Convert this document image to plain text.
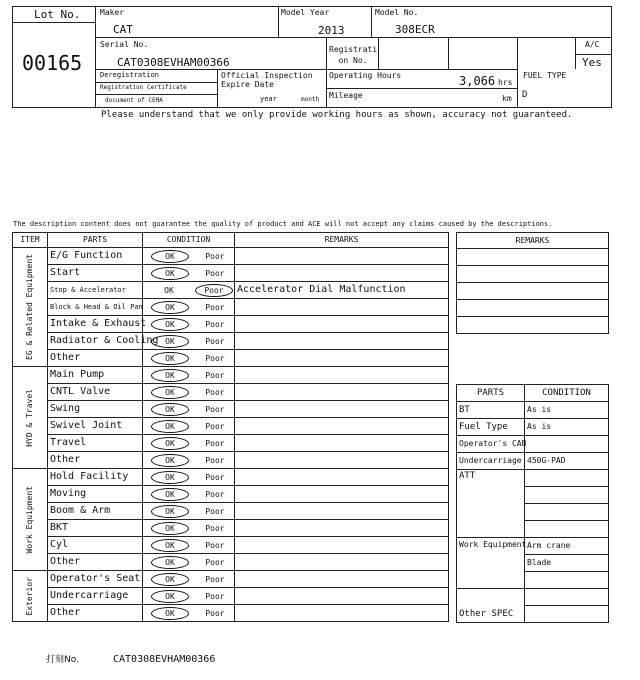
Lot No.
00165
Maker
CAT
Model Year
2013
Model No.
308ECR
Serial No.
CAT0308EVHAM00366
Registrati on No.
A/C
Yes
Deregistration
Registration Certificate
document of CEMA
Official Inspection
Expire Date
year	month
Operating Hours	3,066 hrs
Mileage	km
FUEL TYPE
D
Please understand that we only provide working hours as shown, accuracy not guaranteed.
The description content does not guarantee the quality of product and ACE will not accept any claims caused by the descriptions.
ITEM	PARTS	CONDITION	REMARKS

EG & Related Equipment	E/G Function	OK Poor	
	Start	OK Poor	
	Stop & Accelerator	OK Poor	Accelerator Dial Malfunction
	Block & Head & Oil Pan	OK Poor	
	Intake & Exhaust	OK Poor	
	Radiator & Cooling	OK Poor	
	Other	OK Poor	

HYD & Travel	Main Pump	OK Poor	
	CNTL Valve	OK Poor	
	Swing	OK Poor	
	Swivel Joint	OK Poor	
	Travel	OK Poor	
	Other	OK Poor	

Work Equipment	Hold Facility	OK Poor	
	Moving	OK Poor	
	Boom & Arm	OK Poor	
	BKT	OK Poor	
	Cyl	OK Poor	
	Other	OK Poor	

Exterior	Operator's Seat	OK Poor	
	Undercarriage	OK Poor	
	Other	OK Poor	
REMARKS

PARTS	CONDITION
BT	As is
Fuel Type	As is
Operator's CAB	
Undercarriage	450G-PAD
ATT	

Work Equipment	Arm crane
	Blade

Other SPEC	

打刻No.	CAT0308EVHAM00366
